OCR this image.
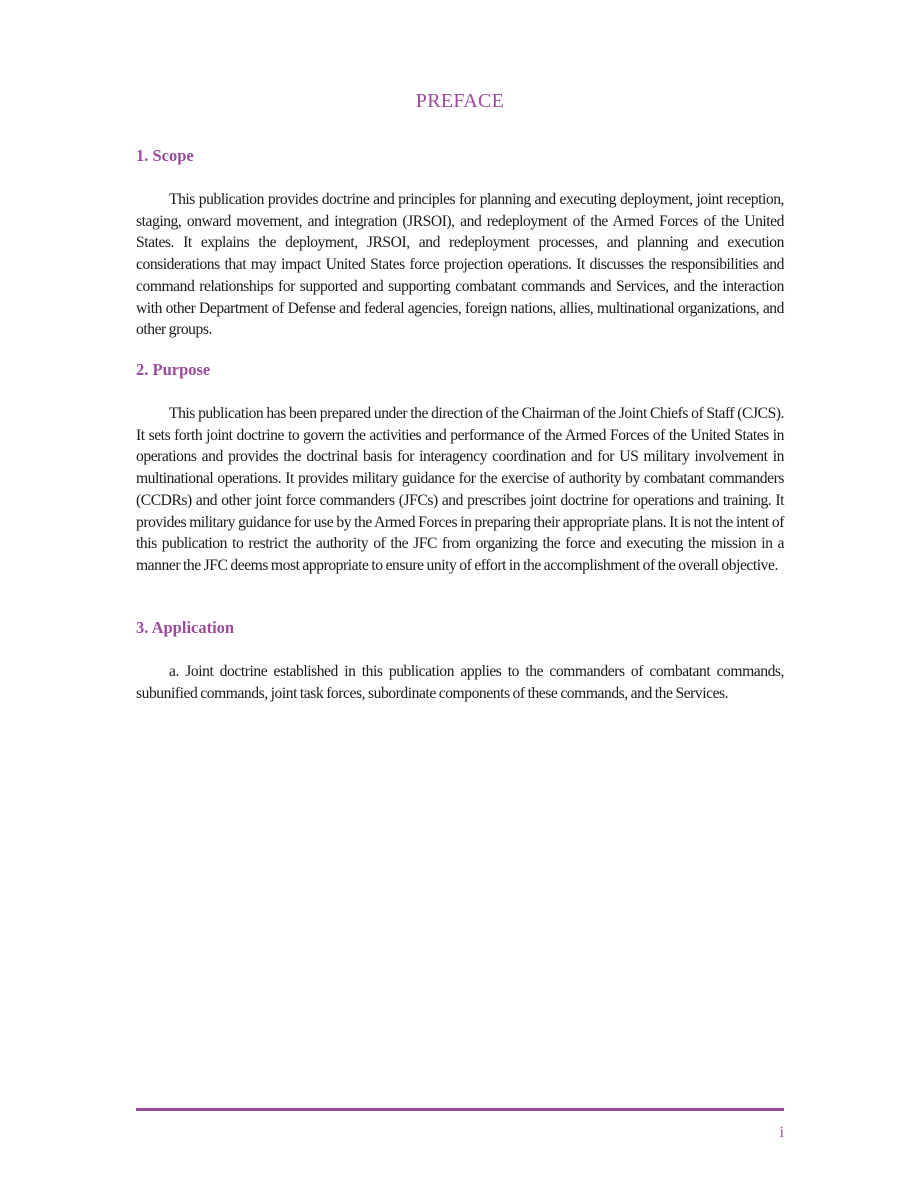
PREFACE
1. Scope

This publication provides doctrine and principles for planning and executing deployment, joint reception, staging, onward movement, and integration (JRSOI), and redeployment of the Armed Forces of the United States. It explains the deployment, JRSOI, and redeployment processes, and planning and execution considerations that may impact United States force projection operations. It discusses the responsibilities and command relationships for supported and supporting combatant commands and Services, and the interaction with other Department of Defense and federal agencies, foreign nations, allies, multinational organizations, and other groups.

2. Purpose

This publication has been prepared under the direction of the Chairman of the Joint Chiefs of Staff (CJCS). It sets forth joint doctrine to govern the activities and performance of the Armed Forces of the United States in operations and provides the doctrinal basis for interagency coordination and for US military involvement in multinational operations. It provides military guidance for the exercise of authority by combatant commanders (CCDRs) and other joint force commanders (JFCs) and prescribes joint doctrine for operations and training. It provides military guidance for use by the Armed Forces in preparing their appropriate plans. It is not the intent of this publication to restrict the authority of the JFC from organizing the force and executing the mission in a manner the JFC deems most appropriate to ensure unity of effort in the accomplishment of the overall objective.

3. Application

a. Joint doctrine established in this publication applies to the commanders of combatant commands, subunified commands, joint task forces, subordinate components of these commands, and the Services.

i
